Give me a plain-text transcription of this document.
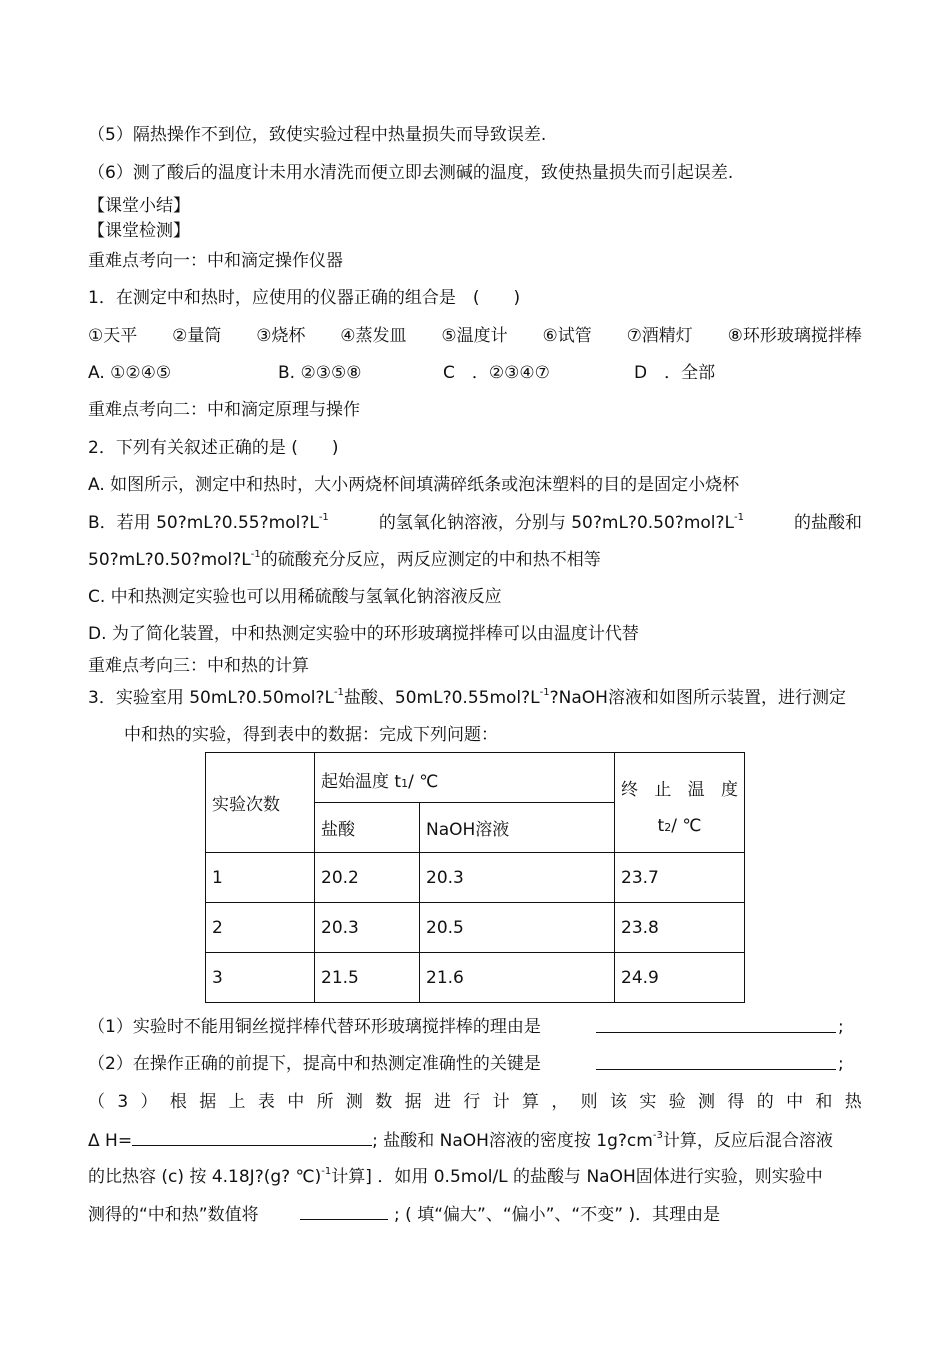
（5）隔热操作不到位，致使实验过程中热量损失而导致误差.
（6）测了酸后的温度计未用水清洗而便立即去测碱的温度，致使热量损失而引起误差.
【课堂小结】
【课堂检测】
重难点考向一：中和滴定操作仪器
1．在测定中和热时，应使用的仪器正确的组合是　(　　)
①天平 ②量筒 ③烧杯 ④蒸发皿 ⑤温度计 ⑥试管 ⑦酒精灯 ⑧环形玻璃搅拌棒
A. ①②④⑤	B. ②③⑤⑧	C　．②③④⑦	D　．全部
重难点考向二：中和滴定原理与操作
2．下列有关叙述正确的是 (　　)
A. 如图所示，测定中和热时，大小两烧杯间填满碎纸条或泡沫塑料的目的是固定小烧杯
B．若用 $50?mL?0.55?mol?L^{-1}$	的氢氧化钠溶液，分别与 $50?mL?0.50?mol?L^{-1}$	的盐酸和
$50?mL?0.50?mol?L^{-1}$的硫酸充分反应，两反应测定的中和热不相等
C. 中和热测定实验也可以用稀硫酸与氢氧化钠溶液反应
D. 为了简化装置，中和热测定实验中的环形玻璃搅拌棒可以由温度计代替
重难点考向三：中和热的计算
3．实验室用 $50mL?0.50mol?L^{-1}$盐酸、$50mL?0.55mol?L^{-1}?NaOH$溶液和如图所示装置，进行测定
中和热的实验，得到表中的数据：完成下列问题：
实验次数	起始温度 t1/ ℃		终 止 温 度
t2/ ℃

	盐酸	NaOH溶液	
1	20.2	20.3	23.7
2	20.3	20.5	23.8
3	21.5	21.6	24.9
（1）实验时不能用铜丝搅拌棒代替环形玻璃搅拌棒的理由是	;
（2）在操作正确的前提下，提高中和热测定准确性的关键是	;
（ 3 ） 根 据 上 表 中 所 测 数 据 进 行 计 算 ， 则 该 实 验 测 得 的 中 和 热
Δ H=	; 盐酸和 NaOH溶液的密度按 $1g?cm^{-3}$计算，反应后混合溶液
的比热容 (c) 按 4.18J?(g? ℃)$^{-1}$计算] ．如用 0.5mol/L 的盐酸与 NaOH固体进行实验，则实验中
测得的“中和热”数值将	; ( 填“偏大”、“偏小”、“不变” )．其理由是
